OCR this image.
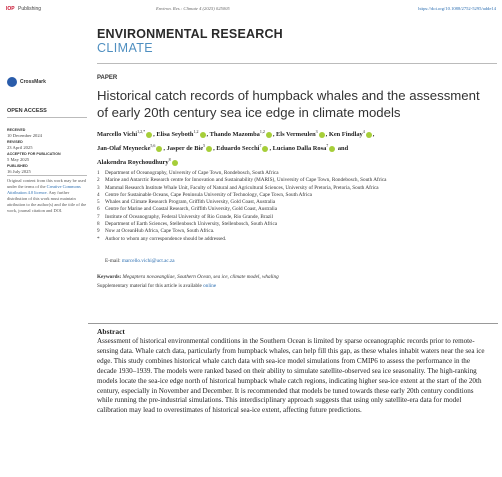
IOP Publishing	Environ. Res.: Climate 4 (2025) 025005	https://doi.org/10.1088/2752-5295/adde14
ENVIRONMENTAL RESEARCH
CLIMATE
CrossMark
OPEN ACCESS
RECEIVED
10 December 2024
REVISED
23 April 2025
ACCEPTED FOR PUBLICATION
5 May 2025
PUBLISHED
16 July 2025
Original content from this work may be used under the terms of the Creative Commons Attribution 4.0 licence. Any further distribution of this work must maintain attribution to the author(s) and the title of the work, journal citation and DOI.
PAPER
Historical catch records of humpback whales and the assessment of early 20th century sea ice edge in climate models
Marcello Vichi$^{1,2,*}$ , Elisa Seyboth$^{1,2}$ , Thando Mazomba$^{1,2}$ , Els Vermeulen$^3$ , Ken Findlay$^4$ ,
Jan-Olaf Meynecke$^{5,6}$ , Jasper de Bie$^5$ , Eduardo Secchi$^7$ , Luciano Dalla Rosa$^7$ and
Alakendra Roychoudhury$^8$
1	Department of Oceanography, University of Cape Town, Rondebosch, South Africa
2	Marine and Antarctic Research centre for Innovation and Sustainability (MARIS), University of Cape Town, Rondebosch, South Africa
3	Mammal Research Institute Whale Unit, Faculty of Natural and Agricultural Sciences, University of Pretoria, Pretoria, South Africa
4	Centre for Sustainable Oceans, Cape Peninsula University of Technology, Cape Town, South Africa
5	Whales and Climate Research Program, Griffith University, Gold Coast, Australia
6	Centre for Marine and Coastal Research, Griffith University, Gold Coast, Australia
7	Institute of Oceanography, Federal University of Rio Grande, Rio Grande, Brazil
8	Department of Earth Sciences, Stellenbosch University, Stellenbosch, South Africa
9	Now at OceanHub Africa, Cape Town, South Africa.
*	Author to whom any correspondence should be addressed.
E-mail: marcello.vichi@uct.ac.za
Keywords: Megaptera novaeangliae, Southern Ocean, sea ice, climate model, whaling
Supplementary material for this article is available online
Abstract
Assessment of historical environmental conditions in the Southern Ocean is limited by sparse oceanographic records prior to remote-sensing data. Whale catch data, particularly from humpback whales, can help fill this gap, as these whales inhabit waters near the sea ice edge. This study combines historical whale catch data with sea-ice model simulations from CMIP6 to assess the performance in the decade 1930–1939. The models were ranked based on their ability to simulate satellite-observed sea ice seasonality. The high-ranking models locate the sea-ice edge north of historical humpback whale catch regions, indicating higher sea-ice extent at the start of the 20th century, especially in November and December. It is recommended that models be tuned towards these early 20th century conditions while running the pre-industrial simulations. This interdisciplinary approach suggests that using only satellite-era data for model calibration may lead to overestimates of historical sea-ice extent, affecting future predictions.
